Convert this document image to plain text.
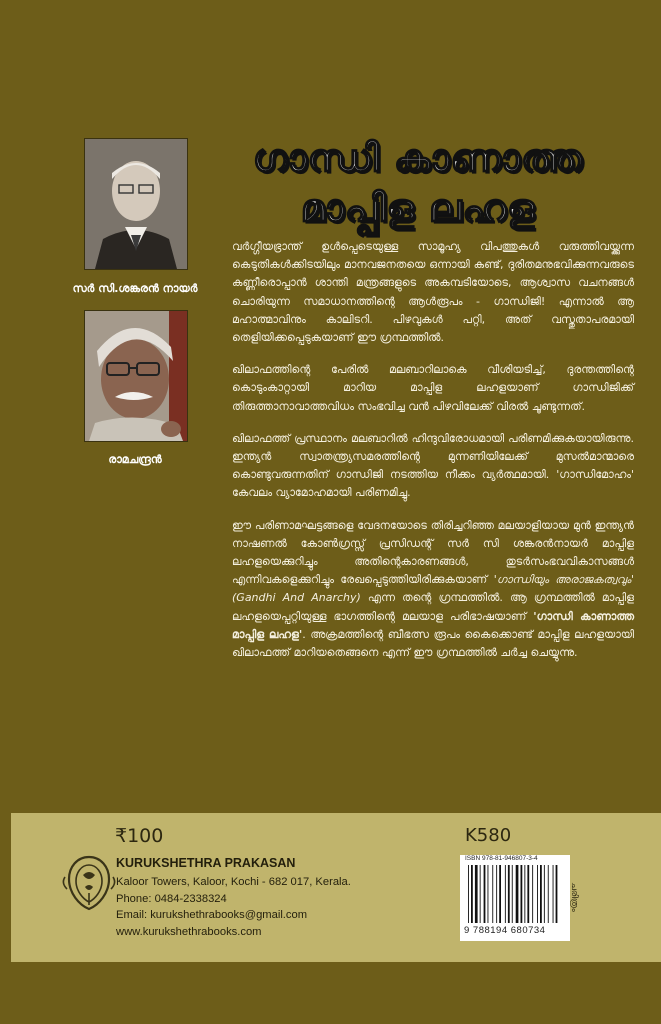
ഗാന്ധി കാണാത്ത
മാപ്പിള ലഹള
സർ സി.ശങ്കരൻ നായർ
രാമചന്ദ്രൻ

വർഗ്ഗീയഭ്രാന്ത് ഉൾപ്പെടെയുള്ള സാമൂഹ്യ വിപത്തുകൾ വരുത്തിവയ്ക്കുന്ന കെടുതികൾക്കിടയിലും മാനവജനതയെ ഒന്നായി കണ്ട്, ദുരിതമനുഭവിക്കുന്നവരുടെ കണ്ണീരൊപ്പാൻ ശാന്തി മന്ത്രങ്ങളുടെ അകമ്പടിയോടെ, ആശ്വാസ വചനങ്ങൾ ചൊരിയുന്ന സമാധാനത്തിന്റെ ആൾരൂപം - ഗാന്ധിജി! എന്നാൽ ആ മഹാത്മാവിനും കാലിടറി. പിഴവുകൾ പറ്റി, അത് വസ്തുതാപരമായി തെളിയിക്കപ്പെടുകയാണ് ഈ ഗ്രന്ഥത്തിൽ.

ഖിലാഫത്തിന്റെ പേരിൽ മലബാറിലാകെ വീശിയടിച്ച്, ദുരന്തത്തിന്റെ കൊടുംകാറ്റായി മാറിയ മാപ്പിള ലഹളയാണ് ഗാന്ധിജിക്ക് തിരുത്താനാവാത്തവിധം സംഭവിച്ച വൻ പിഴവിലേക്ക് വിരൽ ചൂണ്ടുന്നത്.

ഖിലാഫത്ത് പ്രസ്ഥാനം മലബാറിൽ ഹിന്ദുവിരോധമായി പരിണമിക്കുകയായിരുന്നു. ഇന്ത്യൻ സ്വാതന്ത്ര്യസമരത്തിന്റെ മുന്നണിയിലേക്ക് മുസൽമാന്മാരെ കൊണ്ടുവരുന്നതിന് ഗാന്ധിജി നടത്തിയ നീക്കം വ്യർത്ഥമായി. 'ഗാന്ധിമോഹം' കേവലം വ്യാമോഹമായി പരിണമിച്ചു.

ഈ പരിണാമഘട്ടങ്ങളെ വേദനയോടെ തിരിച്ചറിഞ്ഞ മലയാളിയായ മുൻ ഇന്ത്യൻ നാഷണൽ കോൺഗ്രസ്സ് പ്രസിഡന്റ് സർ സി ശങ്കരൻനായർ മാപ്പിള ലഹളയെക്കുറിച്ചും അതിന്റെകാരണങ്ങൾ, തുടർസംഭവവികാസങ്ങൾ എന്നിവകളെക്കുറിച്ചും രേഖപ്പെടുത്തിയിരിക്കുകയാണ് 'ഗാന്ധിയും അരാജകത്വവും' (Gandhi And Anarchy) എന്ന തന്റെ ഗ്രന്ഥത്തിൽ. ആ ഗ്രന്ഥത്തിൽ മാപ്പിള ലഹളയെപ്പറ്റിയുള്ള ഭാഗത്തിന്റെ മലയാള പരിഭാഷയാണ് 'ഗാന്ധി കാണാത്ത മാപ്പിള ലഹള'. അക്രമത്തിന്റെ ബീഭത്സ രൂപം കൈക്കൊണ്ട് മാപ്പിള ലഹളയായി ഖിലാഫത്ത് മാറിയതെങ്ങനെ എന്ന് ഈ ഗ്രന്ഥത്തിൽ ചർച്ച ചെയ്യുന്നു.

₹100	K580
KURUKSHETHRA PRAKASAN
Kaloor Towers, Kaloor, Kochi - 682 017, Kerala.
Phone: 0484-2338324
Email: kurukshethrabooks@gmail.com
www.kurukshethrabooks.com
ISBN 978-81-946807-3-4
9 788194 680734
ചരിത്രം
